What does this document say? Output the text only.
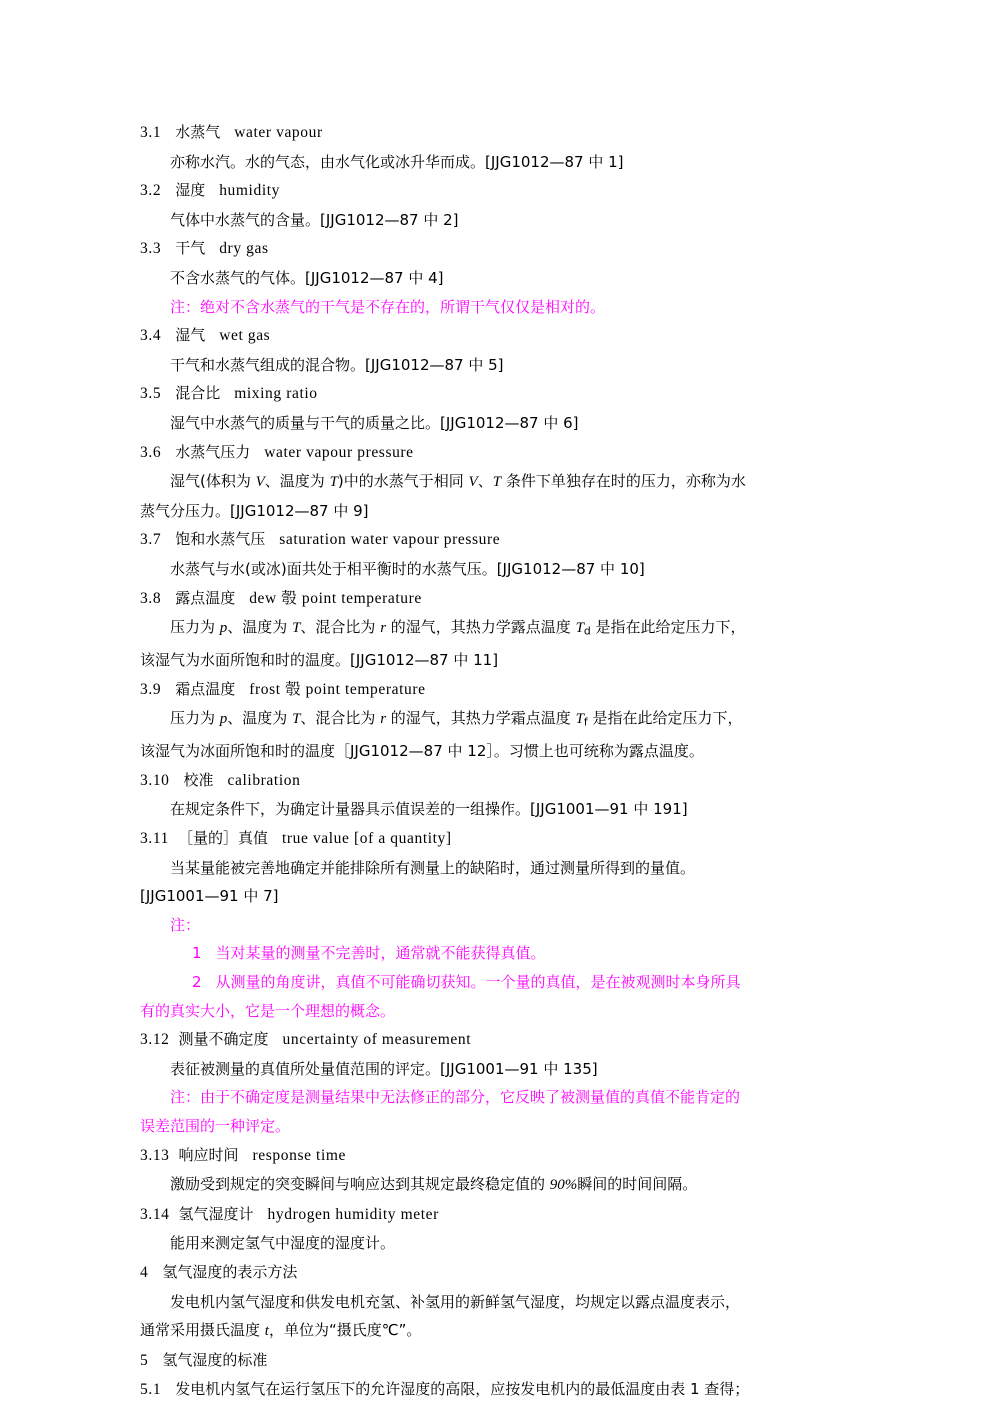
3.1 水蒸气 water vapour
亦称水汽。水的气态，由水气化或冰升华而成。[JJG1012—87 中 1]
3.2 湿度 humidity
气体中水蒸气的含量。[JJG1012—87 中 2]
3.3 干气 dry gas
不含水蒸气的气体。[JJG1012—87 中 4]
注：绝对不含水蒸气的干气是不存在的，所谓干气仅仅是相对的。
3.4 湿气 wet gas
干气和水蒸气组成的混合物。[JJG1012—87 中 5]
3.5 混合比 mixing ratio
湿气中水蒸气的质量与干气的质量之比。[JJG1012—87 中 6]
3.6 水蒸气压力 water vapour pressure
湿气(体积为 V、温度为 T)中的水蒸气于相同 V、T 条件下单独存在时的压力，亦称为水
蒸气分压力。[JJG1012—87 中 9]
3.7 饱和水蒸气压 saturation water vapour pressure
水蒸气与水(或冰)面共处于相平衡时的水蒸气压。[JJG1012—87 中 10]
3.8 露点温度 dew 彀 point temperature
压力为 p、温度为 T、混合比为 r 的湿气，其热力学露点温度 $T_d$ 是指在此给定压力下，
该湿气为水面所饱和时的温度。[JJG1012—87 中 11]
3.9 霜点温度 frost 彀 point temperature
压力为 p、温度为 T、混合比为 r 的湿气，其热力学霜点温度 $T_f$ 是指在此给定压力下，
该湿气为冰面所饱和时的温度［JJG1012—87 中 12］。习惯上也可统称为露点温度。
3.10 校准 calibration
在规定条件下，为确定计量器具示值误差的一组操作。[JJG1001—91 中 191]
3.11 ［量的］真值 true value [of a quantity]
当某量能被完善地确定并能排除所有测量上的缺陷时，通过测量所得到的量值。
[JJG1001—91 中 7]
注：
1 当对某量的测量不完善时，通常就不能获得真值。
2 从测量的角度讲，真值不可能确切获知。一个量的真值，是在被观测时本身所具
有的真实大小，它是一个理想的概念。
3.12 测量不确定度 uncertainty of measurement
表征被测量的真值所处量值范围的评定。[JJG1001—91 中 135]
注：由于不确定度是测量结果中无法修正的部分，它反映了被测量值的真值不能肯定的
误差范围的一种评定。
3.13 响应时间 response time
激励受到规定的突变瞬间与响应达到其规定最终稳定值的 90%瞬间的时间间隔。
3.14 氢气湿度计 hydrogen humidity meter
能用来测定氢气中湿度的湿度计。
4 氢气湿度的表示方法
发电机内氢气湿度和供发电机充氢、补氢用的新鲜氢气湿度，均规定以露点温度表示，
通常采用摄氏温度 t，单位为“摄氏度℃”。
5 氢气湿度的标准
5.1 发电机内氢气在运行氢压下的允许湿度的高限，应按发电机内的最低温度由表 1 查得；
